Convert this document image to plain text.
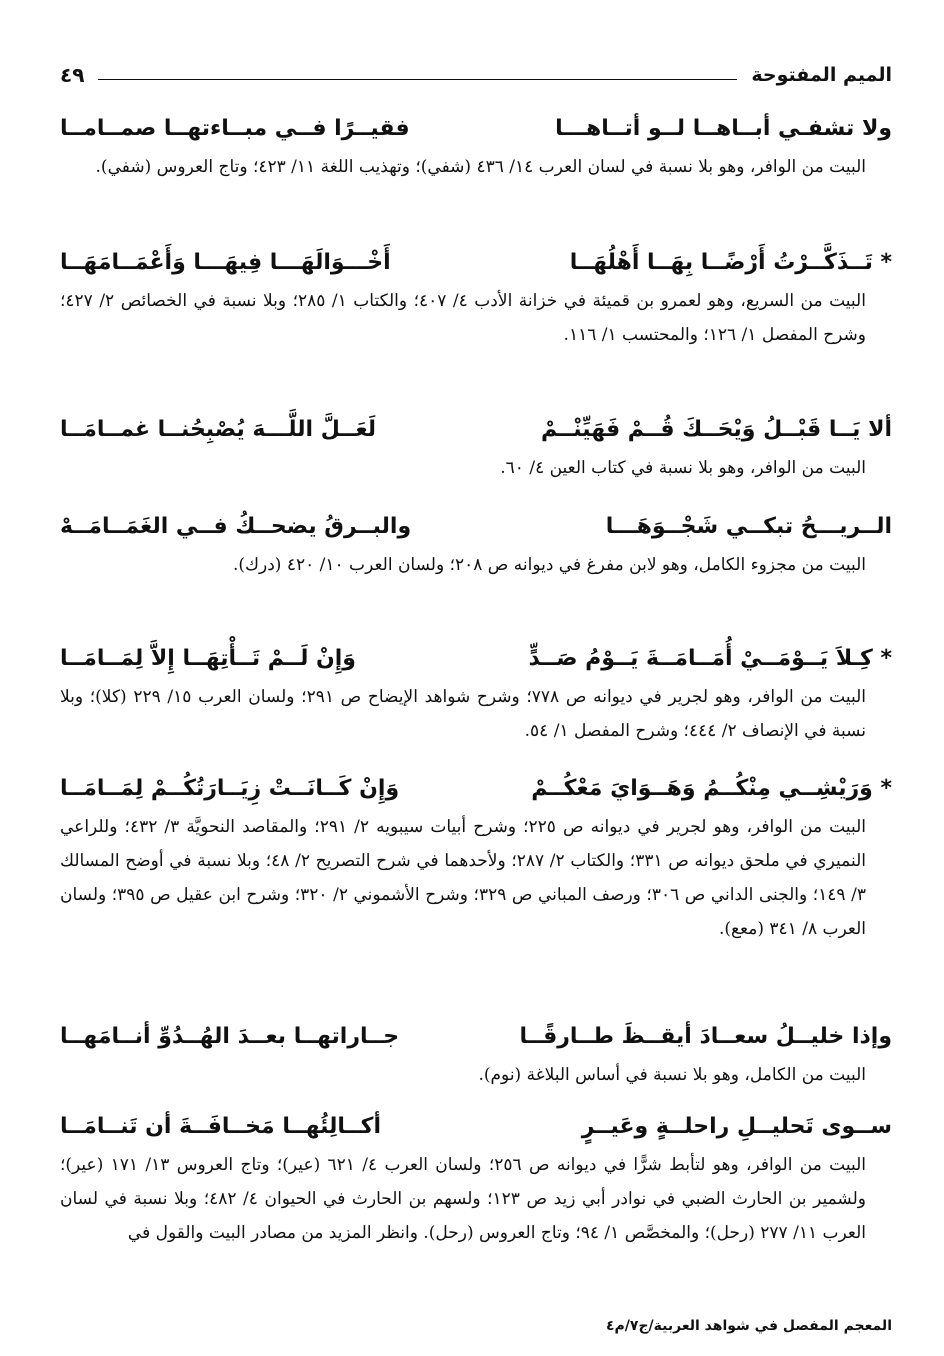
الميم المفتوحة
٤٩
ولا تشفـي أبــاهــا لــو أتــاهـــا
فقيــرًا فــي مبــاءتهــا صمــامــا

البيت من الوافر، وهو بلا نسبة في لسان العرب ١٤/ ٤٣٦ (شفي)؛ وتهذيب اللغة ١١/ ٤٢٣؛ وتاج العروس (شفي).

* تَــذَكَّــرْتُ أَرْضًــا بِهَــا أَهْلُهَــا
أَخْـــوَالَهَـــا فِيهَـــا وَأَعْمَــامَهَــا

البيت من السريع، وهو لعمرو بن قميئة في خزانة الأدب ٤/ ٤٠٧؛ والكتاب ١/ ٢٨٥؛ وبلا نسبة في الخصائص ٢/ ٤٢٧؛ وشرح المفصل ١/ ١٢٦؛ والمحتسب ١/ ١١٦.

ألا يَــا قَبْــلُ وَيْحَــكَ قُــمْ فَهَيِّنْــمْ
لَعَــلَّ اللَّـــهَ يُصْبِحُنــا غمــامَــا

البيت من الوافر، وهو بلا نسبة في كتاب العين ٤/ ٦٠.

الــريـــحُ تبكــي شَجْــوَهَـــا
والبــرقُ يضحــكُ فــي الغَمَــامَــهْ

البيت من مجزوء الكامل، وهو لابن مفرغ في ديوانه ص ٢٠٨؛ ولسان العرب ١٠/ ٤٢٠ (درك).

* كِـلاَ يَــوْمَــيْ أُمَــامَــةَ يَــوْمُ صَــدٍّ
وَإِنْ لَــمْ تَــأْتِهَــا إِلاَّ لِمَــامَــا

البيت من الوافر، وهو لجرير في ديوانه ص ٧٧٨؛ وشرح شواهد الإيضاح ص ٢٩١؛ ولسان العرب ١٥/ ٢٢٩ (كلا)؛ وبلا نسبة في الإنصاف ٢/ ٤٤٤؛ وشرح المفصل ١/ ٥٤.

* وَرَيْشِــي مِنْكُــمُ وَهَــوَايَ مَعْكُــمْ
وَإِنْ كَــانَــتْ زِيَــارَتُكُــمْ لِمَــامَــا

البيت من الوافر، وهو لجرير في ديوانه ص ٢٢٥؛ وشرح أبيات سيبويه ٢/ ٢٩١؛ والمقاصد النحويَّة ٣/ ٤٣٢؛ وللراعي النميري في ملحق ديوانه ص ٣٣١؛ والكتاب ٢/ ٢٨٧؛ ولأحدهما في شرح التصريح ٢/ ٤٨؛ وبلا نسبة في أوضح المسالك ٣/ ١٤٩؛ والجنى الداني ص ٣٠٦؛ ورصف المباني ص ٣٢٩؛ وشرح الأشموني ٢/ ٣٢٠؛ وشرح ابن عقيل ص ٣٩٥؛ ولسان العرب ٨/ ٣٤١ (معع).

وإذا خليــلُ سعــادَ أيقــظَ طــارقًــا
جــاراتهــا بعــدَ الهُــدُوِّ أنــامَهــا

البيت من الكامل، وهو بلا نسبة في أساس البلاغة (نوم).

ســوى تَحليــلِ راحلــةٍ وعَيــرٍ
أكــالِئُهــا مَخــافَــةَ أن تَنــامَــا

البيت من الوافر، وهو لتأبط شرًّا في ديوانه ص ٢٥٦؛ ولسان العرب ٤/ ٦٢١ (عير)؛ وتاج العروس ١٣/ ١٧١ (عير)؛ ولشمير بن الحارث الضبي في نوادر أبي زيد ص ١٢٣؛ ولسهم بن الحارث في الحيوان ٤/ ٤٨٢؛ وبلا نسبة في لسان العرب ١١/ ٢٧٧ (رحل)؛ والمخصَّص ١/ ٩٤؛ وتاج العروس (رحل). وانظر المزيد من مصادر البيت والقول في

المعجم المفصل في شواهد العربية/ج٧/م٤
